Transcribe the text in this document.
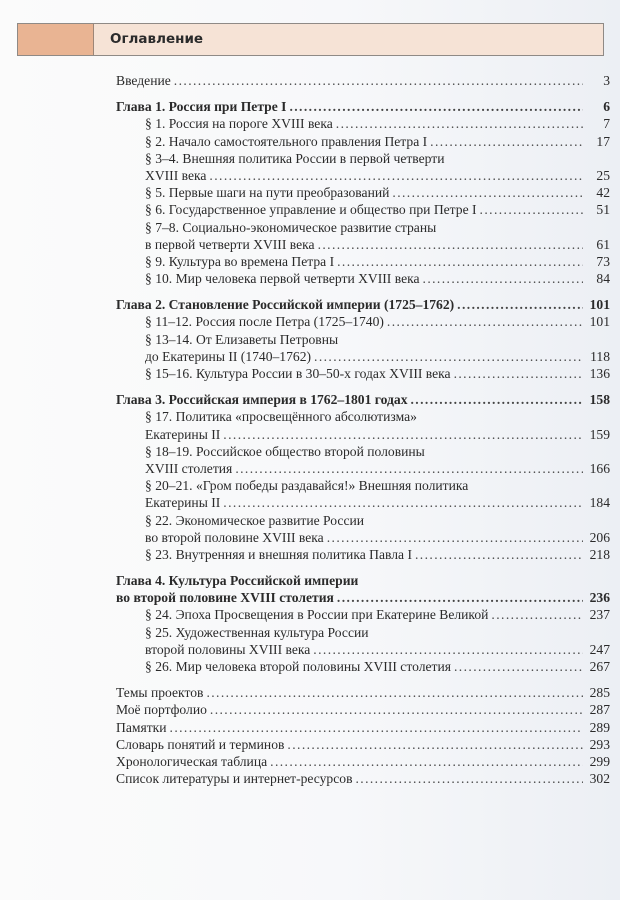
Оглавление
Введение . . .	3
Глава 1. Россия при Петре I . . .	6
§ 1. Россия на пороге XVIII века . . .	7
§ 2. Начало самостоятельного правления Петра I . . .	17
§ 3–4. Внешняя политика России в первой четверти
XVIII века . . .	25
§ 5. Первые шаги на пути преобразований . . .	42
§ 6. Государственное управление и общество при Петре I . . .	51
§ 7–8. Социально-экономическое развитие страны
в первой четверти XVIII века . . .	61
§ 9. Культура во времена Петра I . . .	73
§ 10. Мир человека первой четверти XVIII века . . .	84
Глава 2. Становление Российской империи (1725–1762) . . .	101
§ 11–12. Россия после Петра (1725–1740) . . .	101
§ 13–14. От Елизаветы Петровны
до Екатерины II (1740–1762) . . .	118
§ 15–16. Культура России в 30–50-х годах XVIII века . . .	136
Глава 3. Российская империя в 1762–1801 годах . . .	158
§ 17. Политика «просвещённого абсолютизма»
Екатерины II . . .	159
§ 18–19. Российское общество второй половины
XVIII столетия . . .	166
§ 20–21. «Гром победы раздавайся!» Внешняя политика
Екатерины II . . .	184
§ 22. Экономическое развитие России
во второй половине XVIII века . . .	206
§ 23. Внутренняя и внешняя политика Павла I . . .	218
Глава 4. Культура Российской империи
во второй половине XVIII столетия . . .	236
§ 24. Эпоха Просвещения в России при Екатерине Великой . . .	237
§ 25. Художественная культура России
второй половины XVIII века . . .	247
§ 26. Мир человека второй половины XVIII столетия . . .	267
Темы проектов . . .	285
Моё портфолио . . .	287
Памятки . . .	289
Словарь понятий и терминов . . .	293
Хронологическая таблица . . .	299
Список литературы и интернет-ресурсов . . .	302
